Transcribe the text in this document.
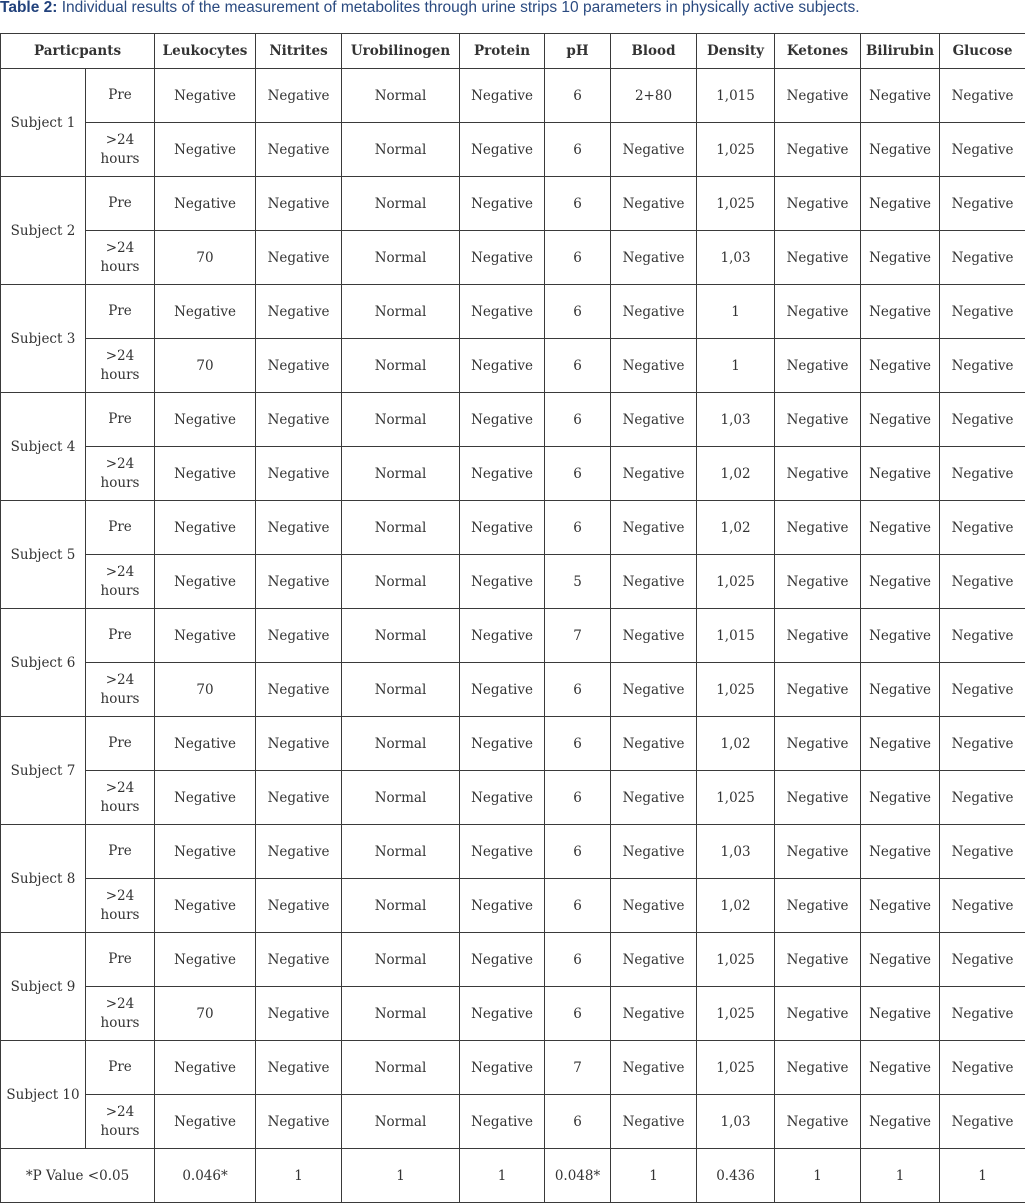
Table 2: Individual results of the measurement of metabolites through urine strips 10 parameters in physically active subjects.
Particpants		Leukocytes	Nitrites	Urobilinogen	Protein	pH	Blood	Density	Ketones	Bilirubin	Glucose
Subject 1	Pre	Negative	Negative	Normal	Negative	6	2+80	1,015	Negative	Negative	Negative
	>24 hours	Negative	Negative	Normal	Negative	6	Negative	1,025	Negative	Negative	Negative
Subject 2	Pre	Negative	Negative	Normal	Negative	6	Negative	1,025	Negative	Negative	Negative
	>24 hours	70	Negative	Normal	Negative	6	Negative	1,03	Negative	Negative	Negative
Subject 3	Pre	Negative	Negative	Normal	Negative	6	Negative	1	Negative	Negative	Negative
	>24 hours	70	Negative	Normal	Negative	6	Negative	1	Negative	Negative	Negative
Subject 4	Pre	Negative	Negative	Normal	Negative	6	Negative	1,03	Negative	Negative	Negative
	>24 hours	Negative	Negative	Normal	Negative	6	Negative	1,02	Negative	Negative	Negative
Subject 5	Pre	Negative	Negative	Normal	Negative	6	Negative	1,02	Negative	Negative	Negative
	>24 hours	Negative	Negative	Normal	Negative	5	Negative	1,025	Negative	Negative	Negative
Subject 6	Pre	Negative	Negative	Normal	Negative	7	Negative	1,015	Negative	Negative	Negative
	>24 hours	70	Negative	Normal	Negative	6	Negative	1,025	Negative	Negative	Negative
Subject 7	Pre	Negative	Negative	Normal	Negative	6	Negative	1,02	Negative	Negative	Negative
	>24 hours	Negative	Negative	Normal	Negative	6	Negative	1,025	Negative	Negative	Negative
Subject 8	Pre	Negative	Negative	Normal	Negative	6	Negative	1,03	Negative	Negative	Negative
	>24 hours	Negative	Negative	Normal	Negative	6	Negative	1,02	Negative	Negative	Negative
Subject 9	Pre	Negative	Negative	Normal	Negative	6	Negative	1,025	Negative	Negative	Negative
	>24 hours	70	Negative	Normal	Negative	6	Negative	1,025	Negative	Negative	Negative
Subject 10	Pre	Negative	Negative	Normal	Negative	7	Negative	1,025	Negative	Negative	Negative
	>24 hours	Negative	Negative	Normal	Negative	6	Negative	1,03	Negative	Negative	Negative
*P Value <0.05		0.046*	1	1	1	0.048*	1	0.436	1	1	1
